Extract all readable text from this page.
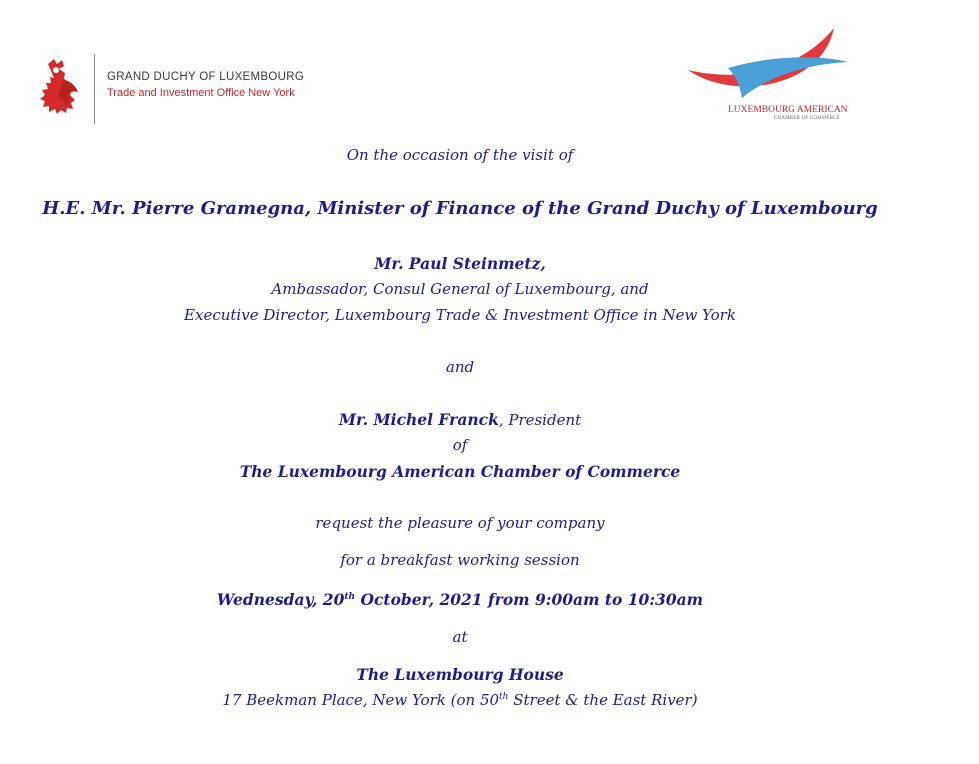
GRAND DUCHY OF LUXEMBOURG
Trade and Investment Office New York
LUXEMBOURG AMERICAN
CHAMBER OF COMMERCE
On the occasion of the visit of
H.E. Mr. Pierre Gramegna, Minister of Finance of the Grand Duchy of Luxembourg
Mr. Paul Steinmetz,
Ambassador, Consul General of Luxembourg, and
Executive Director, Luxembourg Trade & Investment Office in New York
and
Mr. Michel Franck, President
of
The Luxembourg American Chamber of Commerce
request the pleasure of your company
for a breakfast working session
Wednesday, 20th October, 2021 from 9:00am to 10:30am
at
The Luxembourg House
17 Beekman Place, New York (on 50th Street & the East River)
